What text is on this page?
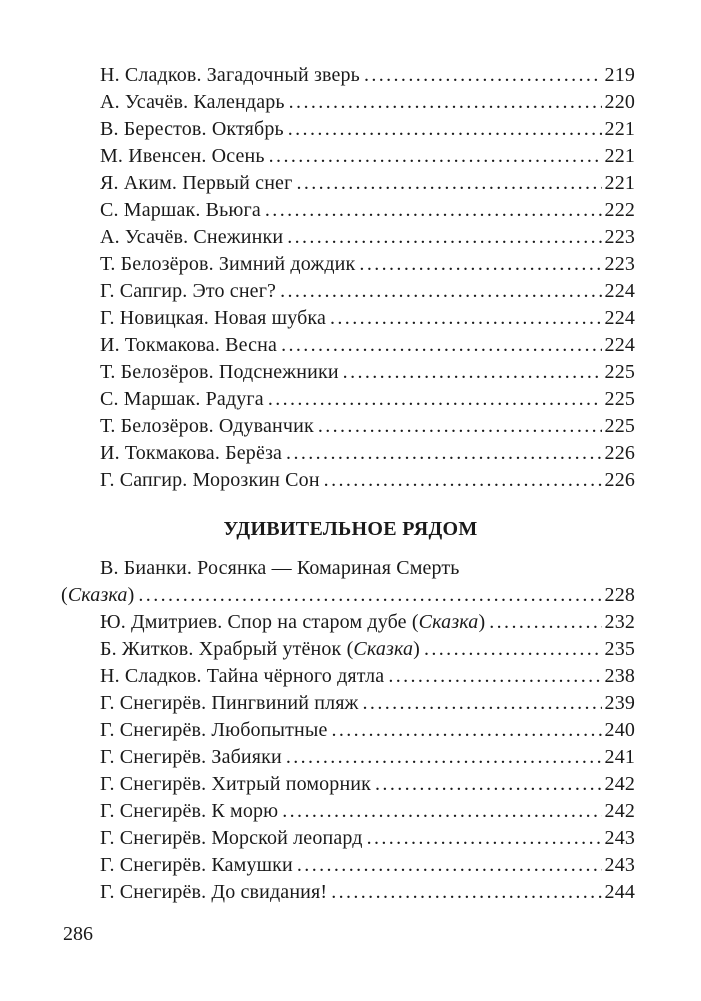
Н. Сладков. Загадочный зверь .....	219
А. Усачёв. Календарь .....	220
В. Берестов. Октябрь .....	221
М. Ивенсен. Осень .....	221
Я. Аким. Первый снег .....	221
С. Маршак. Вьюга .....	222
А. Усачёв. Снежинки .....	223
Т. Белозёров. Зимний дождик .....	223
Г. Сапгир. Это снег? .....	224
Г. Новицкая. Новая шубка .....	224
И. Токмакова. Весна .....	224
Т. Белозёров. Подснежники .....	225
С. Маршак. Радуга .....	225
Т. Белозёров. Одуванчик .....	225
И. Токмакова. Берёза .....	226
Г. Сапгир. Морозкин Сон .....	226
УДИВИТЕЛЬНОЕ РЯДОМ
В. Бианки. Росянка — Комариная Смерть
(Сказка) .....	228
Ю. Дмитриев. Спор на старом дубе (Сказка) .....	232
Б. Житков. Храбрый утёнок (Сказка) .....	235
Н. Сладков. Тайна чёрного дятла .....	238
Г. Снегирёв. Пингвиний пляж .....	239
Г. Снегирёв. Любопытные .....	240
Г. Снегирёв. Забияки .....	241
Г. Снегирёв. Хитрый поморник .....	242
Г. Снегирёв. К морю .....	242
Г. Снегирёв. Морской леопард .....	243
Г. Снегирёв. Камушки .....	243
Г. Снегирёв. До свидания! .....	244
286
